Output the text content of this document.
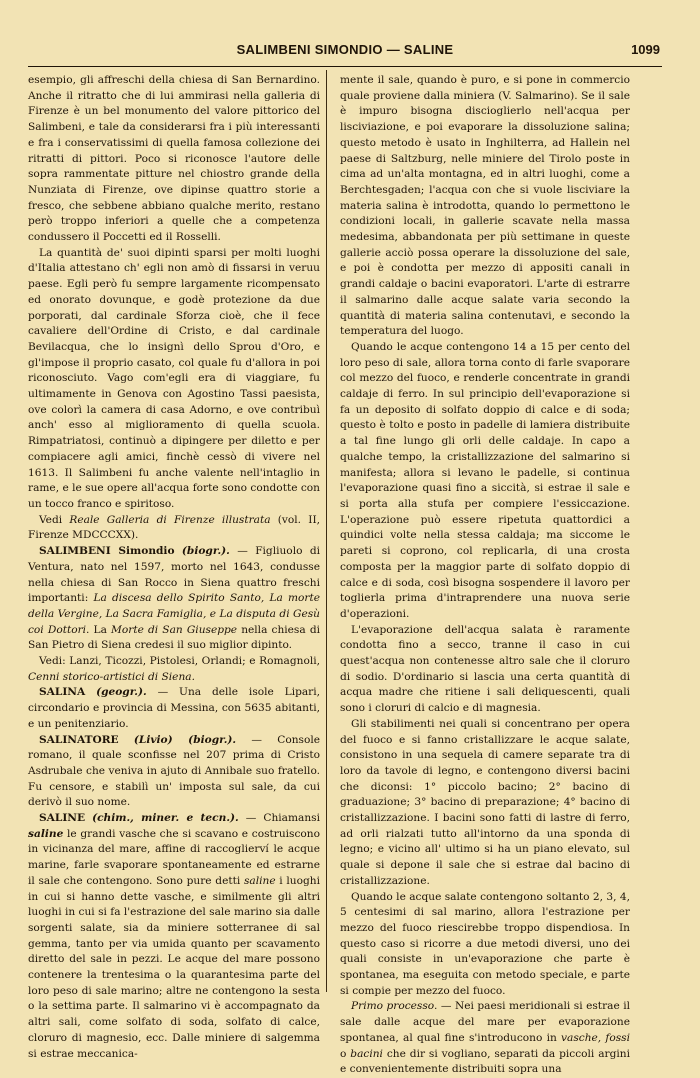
SALIMBENI SIMONDIO — SALINE	1099

esempio, gli affreschi della chiesa di San Bernardino. Anche il ritratto che di lui ammirasi nella galleria di Firenze è un bel monumento del valore pittorico del Salimbeni, e tale da considerarsi fra i più interessanti e fra i conservatissimi di quella famosa collezione dei ritratti di pittori. Poco si riconosce l'autore delle sopra rammentate pitture nel chiostro grande della Nunziata di Firenze, ove dipinse quattro storie a fresco, che sebbene abbiano qualche merito, restano però troppo inferiori a quelle che a competenza condussero il Poccetti ed il Rosselli.

La quantità de' suoi dipinti sparsi per molti luoghi d'Italia attestano ch' egli non amò di fissarsi in veruu paese. Egli però fu sempre largamente ricompensato ed onorato dovunque, e godè protezione da due porporati, dal cardinale Sforza cioè, che il fece cavaliere dell'Ordine di Cristo, e dal cardinale Bevilacqua, che lo insignì dello Sprou d'Oro, e gl'impose il proprio casato, col quale fu d'allora in poi riconosciuto. Vago com'egli era di viaggiare, fu ultimamente in Genova con Agostino Tassi paesista, ove colorì la camera di casa Adorno, e ove contribuì anch' esso al miglioramento di quella scuola. Rimpatriatosi, continuò a dipingere per diletto e per compiacere agli amici, finchè cessò di vivere nel 1613. Il Salimbeni fu anche valente nell'intaglio in rame, e le sue opere all'acqua forte sono condotte con un tocco franco e spiritoso.

Vedi Reale Galleria di Firenze illustrata (vol. II, Firenze MDCCCXX).

SALIMBENI Simondio (biogr.). — Figliuolo di Ventura, nato nel 1597, morto nel 1643, condusse nella chiesa di San Rocco in Siena quattro freschi importanti: La discesa dello Spirito Santo, La morte della Vergine, La Sacra Famiglia, e La disputa di Gesù coi Dottori. La Morte di San Giuseppe nella chiesa di San Pietro di Siena credesi il suo miglior dipinto.

Vedi: Lanzi, Ticozzi, Pistolesi, Orlandi; e Romagnoli, Cenni storico-artistici di Siena.

SALINA (geogr.). — Una delle isole Lipari, circondario e provincia di Messina, con 5635 abitanti, e un penitenziario.

SALINATORE (Livio) (biogr.). — Console romano, il quale sconfisse nel 207 prima di Cristo Asdrubale che veniva in ajuto di Annibale suo fratello. Fu censore, e stabilì un' imposta sul sale, da cui derivò il suo nome.

SALINE (chim., miner. e tecn.). — Chiamansi saline le grandi vasche che si scavano e costruiscono in vicinanza del mare, affine di raccoglierví le acque marine, farle svaporare spontaneamente ed estrarne il sale che contengono. Sono pure detti saline i luoghi in cui si hanno dette vasche, e similmente gli altri luoghi in cui si fa l'estrazione del sale marino sia dalle sorgenti salate, sia da miniere sotterranee di sal gemma, tanto per via umida quanto per scavamento diretto del sale in pezzi. Le acque del mare possono contenere la trentesima o la quarantesima parte del loro peso di sale marino; altre ne contengono la sesta o la settima parte. Il salmarino vi è accompagnato da altri sali, come solfato di soda, solfato di calce, cloruro di magnesio, ecc. Dalle miniere di salgemma si estrae meccanica-

mente il sale, quando è puro, e si pone in commercio quale proviene dalla miniera (V. Salmarino). Se il sale è impuro bisogna discioglierlo nell'acqua per lisciviazione, e poi evaporare la dissoluzione salina; questo metodo è usato in Inghilterra, ad Hallein nel paese di Saltzburg, nelle miniere del Tirolo poste in cima ad un'alta montagna, ed in altri luoghi, come a Berchtesgaden; l'acqua con che si vuole lisciviare la materia salina è introdotta, quando lo permettono le condizioni locali, in gallerie scavate nella massa medesima, abbandonata per più settimane in queste gallerie acciò possa operare la dissoluzione del sale, e poi è condotta per mezzo di appositi canali in grandi caldaje o bacini evaporatori. L'arte di estrarre il salmarino dalle acque salate varia secondo la quantità di materia salina contenutavi, e secondo la temperatura del luogo.

Quando le acque contengono 14 a 15 per cento del loro peso di sale, allora torna conto di farle svaporare col mezzo del fuoco, e renderle concentrate in grandi caldaje di ferro. In sul principio dell'evaporazione si fa un deposito di solfato doppio di calce e di soda; questo è tolto e posto in padelle di lamiera distribuite a tal fine lungo gli orli delle caldaje. In capo a qualche tempo, la cristallizzazione del salmarino si manifesta; allora si levano le padelle, si continua l'evaporazione quasi fino a siccità, si estrae il sale e si porta alla stufa per compiere l'essiccazione. L'operazione può essere ripetuta quattordici a quindici volte nella stessa caldaja; ma siccome le pareti si coprono, col replicarla, di una crosta composta per la maggior parte di solfato doppio di calce e di soda, così bisogna sospendere il lavoro per toglierla prima d'intraprendere una nuova serie d'operazioni.

L'evaporazione dell'acqua salata è raramente condotta fino a secco, tranne il caso in cui quest'acqua non contenesse altro sale che il cloruro di sodio. D'ordinario si lascia una certa quantità di acqua madre che ritiene i sali deliquescenti, quali sono i cloruri di calcio e di magnesia.

Gli stabilimenti nei quali si concentrano per opera del fuoco e si fanno cristallizzare le acque salate, consistono in una sequela di camere separate tra di loro da tavole di legno, e contengono diversi bacini che diconsi: 1° piccolo bacino; 2° bacino di graduazione; 3° bacino di preparazione; 4° bacino di cristallizzazione. I bacini sono fatti di lastre di ferro, ad orli rialzati tutto all'intorno da una sponda di legno; e vicino all' ultimo si ha un piano elevato, sul quale si depone il sale che si estrae dal bacino di cristallizzazione.

Quando le acque salate contengono soltanto 2, 3, 4, 5 centesimi di sal marino, allora l'estrazione per mezzo del fuoco riescirebbe troppo dispendiosa. In questo caso si ricorre a due metodi diversi, uno dei quali consiste in un'evaporazione che parte è spontanea, ma eseguita con metodo speciale, e parte si compie per mezzo del fuoco.

Primo processo. — Nei paesi meridionali si estrae il sale dalle acque del mare per evaporazione spontanea, al qual fine s'introducono in vasche, fossi o bacini che dir si vogliano, separati da piccoli argini e convenientemente distribuiti sopra una
